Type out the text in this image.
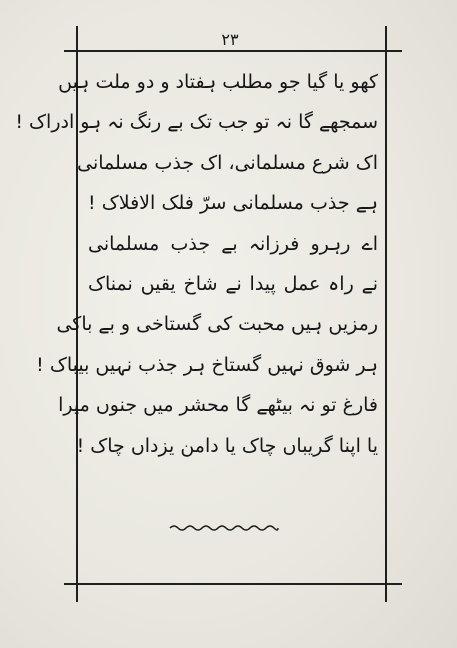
۲۳
کھو یا گیا جو مطلب ہفتاد و دو ملت ہیں
سمجھے گا نہ تو جب تک بے رنگ نہ ہو ادراک !
اک شرع مسلمانی، اک جذب مسلمانی
ہے جذب مسلمانی سرّ فلک الافلاک !
اے رہرو فرزانہ بے جذب مسلمانی
نے راہ عمل پیدا نے شاخ یقیں نمناک
رمزیں ہیں محبت کی گستاخی و بے باکی
ہر شوق نہیں گستاخ ہر جذب نہیں بیباک !
فارغ تو نہ بیٹھے گا محشر میں جنوں میرا
یا اپنا گریباں چاک یا دامن یزداں چاک !
